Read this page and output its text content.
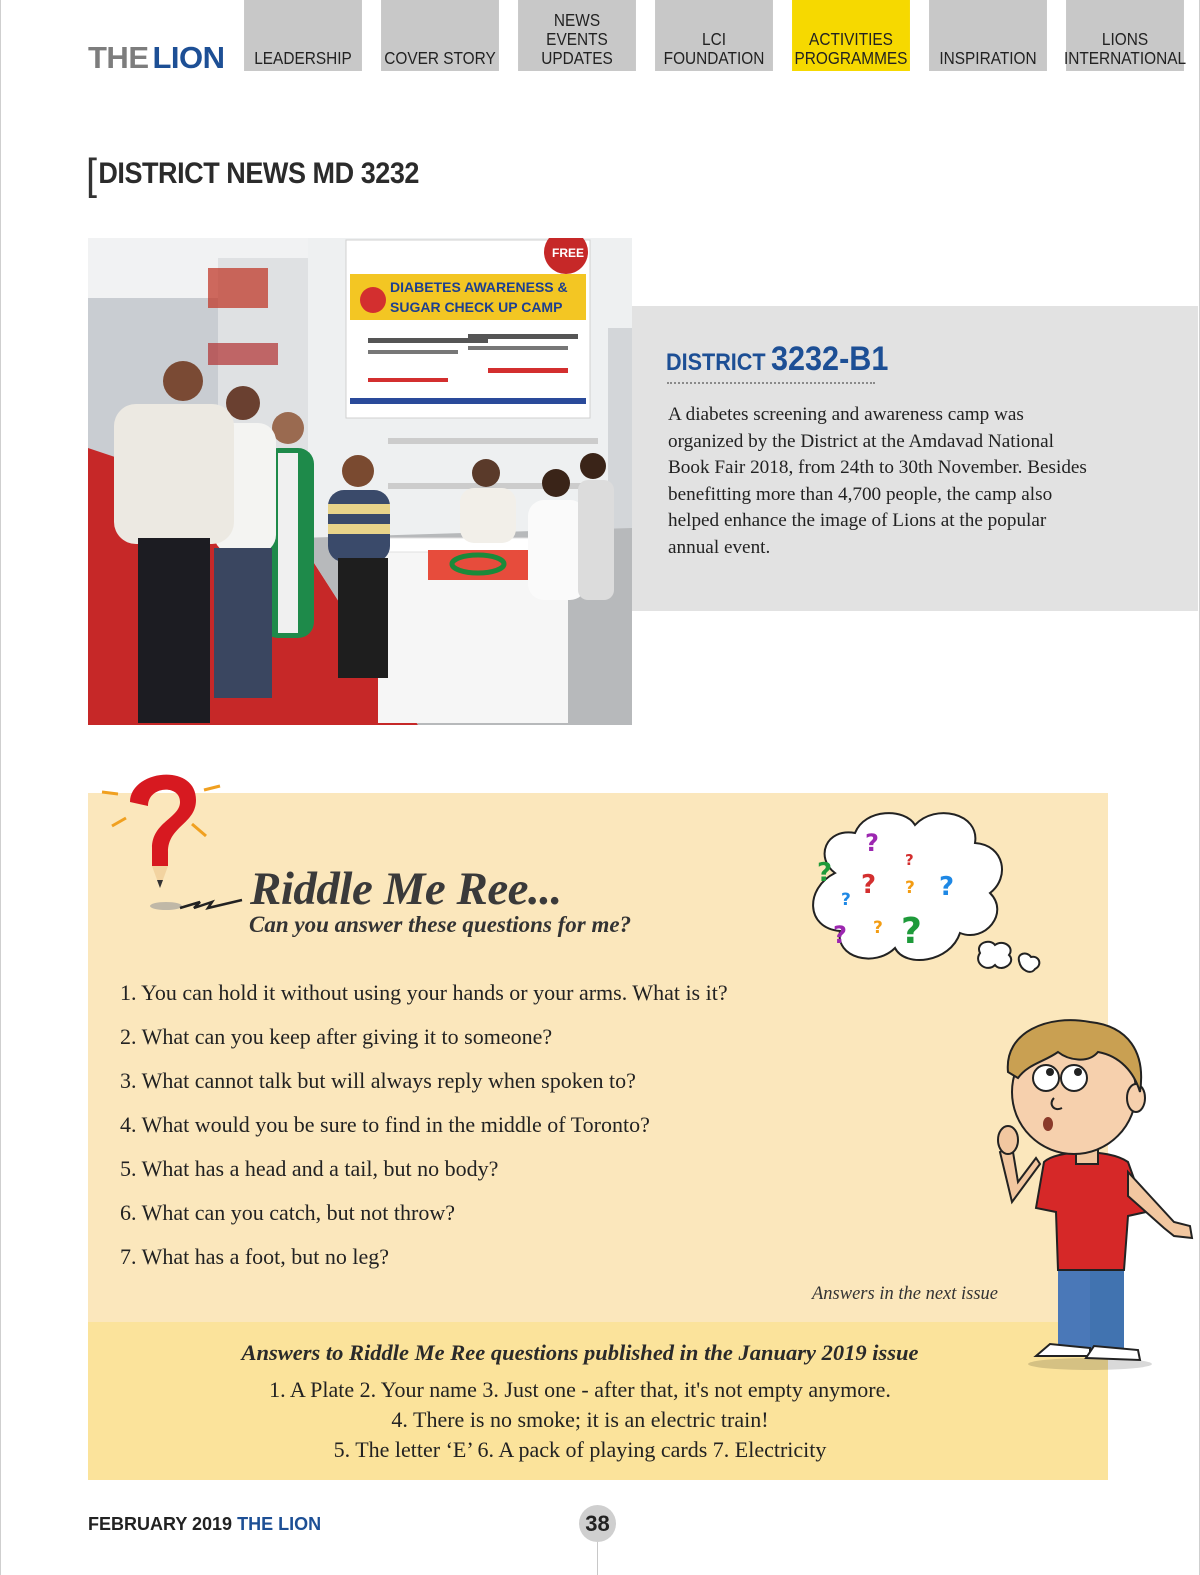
THE LION LEADERSHIP COVER STORY
NEWS
EVENTS
UPDATES
LCI
FOUNDATION
ACTIVITIES
PROGRAMMES INSPIRATION
LIONS
INTERNATIONAL
[DISTRICT NEWS MD 3232
DIABETES AWARENESS &
SUGAR CHECK UP CAMP
FREE
DISTRICT 3232-B1

A diabetes screening and awareness camp was organized by the District at the Amdavad National Book Fair 2018, from 24th to 30th November. Besides benefitting more than 4,700 people, the camp also helped enhance the image of Lions at the popular annual event.

Riddle Me Ree...
Can you answer these questions for me?
?
?
?
? ? ? ?
? ? ?
1. You can hold it without using your hands or your arms. What is it?
2. What can you keep after giving it to someone?
3. What cannot talk but will always reply when spoken to?
4. What would you be sure to find in the middle of Toronto?
5. What has a head and a tail, but no body?
6. What can you catch, but not throw?
7. What has a foot, but no leg?
Answers in the next issue
Answers to Riddle Me Ree questions published in the January 2019 issue
1. A Plate 2. Your name 3. Just one - after that, it's not empty anymore.
4. There is no smoke; it is an electric train!
5. The letter ‘E’ 6. A pack of playing cards 7. Electricity
FEBRUARY 2019 THE LION	38
